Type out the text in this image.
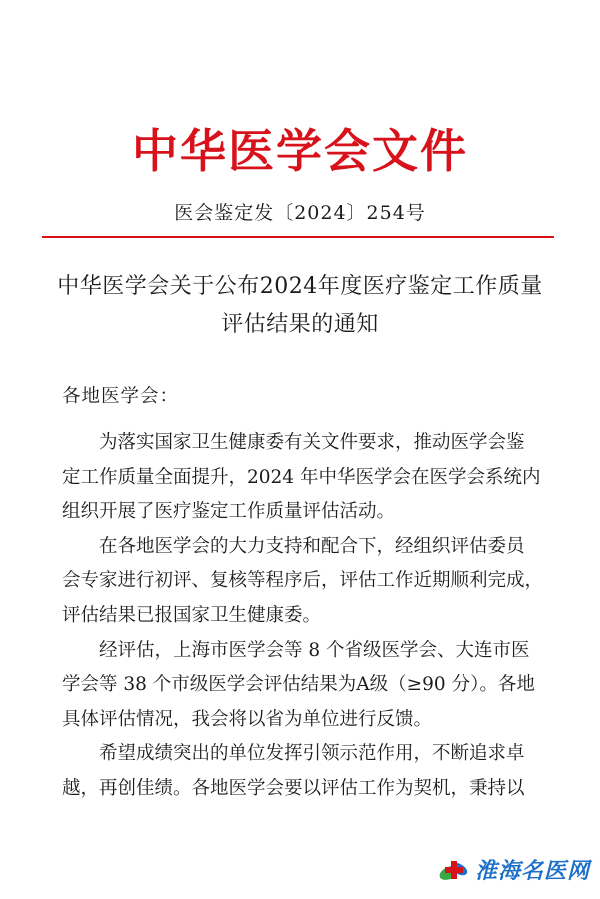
中华医学会文件
医会鉴定发〔2024〕254号
中华医学会关于公布2024年度医疗鉴定工作质量
评估结果的通知
各地医学会：
为落实国家卫生健康委有关文件要求，推动医学会鉴
定工作质量全面提升，2024 年中华医学会在医学会系统内
组织开展了医疗鉴定工作质量评估活动。
在各地医学会的大力支持和配合下，经组织评估委员
会专家进行初评、复核等程序后，评估工作近期顺利完成，
评估结果已报国家卫生健康委。
经评估，上海市医学会等 8 个省级医学会、大连市医
学会等 38 个市级医学会评估结果为A级（≥90 分）。各地
具体评估情况，我会将以省为单位进行反馈。
希望成绩突出的单位发挥引领示范作用，不断追求卓
越，再创佳绩。各地医学会要以评估工作为契机，秉持以
淮海名医网
